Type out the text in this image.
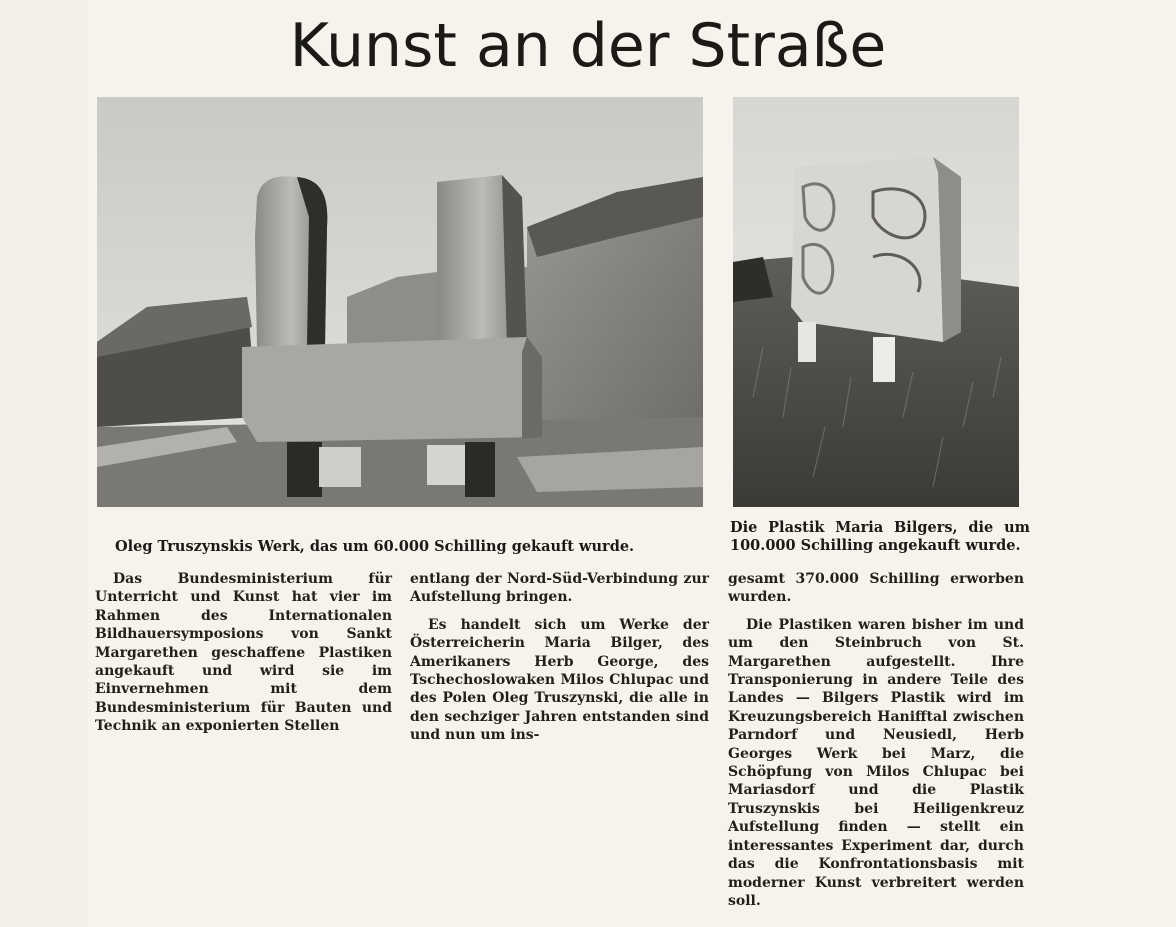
Kunst an der Straße

Oleg Truszynskis Werk, das um 60.000 Schilling gekauft wurde.

Die Plastik Maria Bilgers, die um 100.000 Schilling angekauft wurde.

Das Bundesministerium für Unterricht und Kunst hat vier im Rahmen des Internationalen Bildhauersymposions von Sankt Margarethen geschaffene Plastiken angekauft und wird sie im Einvernehmen mit dem Bundesministerium für Bauten und Technik an exponierten Stellen

entlang der Nord-Süd-Verbindung zur Aufstellung bringen.

Es handelt sich um Werke der Österreicherin Maria Bilger, des Amerikaners Herb George, des Tschechoslowaken Milos Chlupac und des Polen Oleg Truszynski, die alle in den sechziger Jahren entstanden sind und nun um ins-

gesamt 370.000 Schilling erworben wurden.

Die Plastiken waren bisher im und um den Steinbruch von St. Margarethen aufgestellt. Ihre Transponierung in andere Teile des Landes — Bilgers Plastik wird im Kreuzungsbereich Hanifftal zwischen Parndorf und Neusiedl, Herb Georges Werk bei Marz, die Schöpfung von Milos Chlupac bei Mariasdorf und die Plastik Truszynskis bei Heiligenkreuz Aufstellung finden — stellt ein interessantes Experiment dar, durch das die Konfrontationsbasis mit moderner Kunst verbreitert werden soll.
